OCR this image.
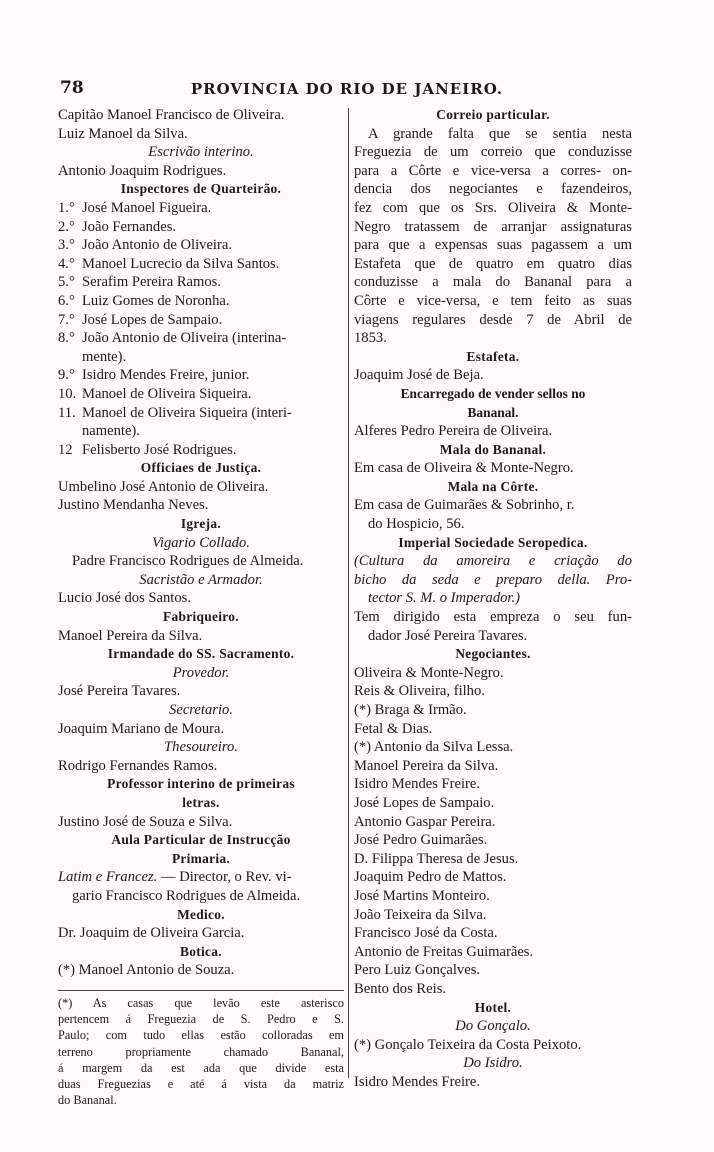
78	PROVINCIA DO RIO DE JANEIRO.
Capitão Manoel Francisco de Oliveira.
Luiz Manoel da Silva.
Escrivão interino.
Antonio Joaquim Rodrigues.
Inspectores de Quarteirão.
1.° José Manoel Figueira.
2.° João Fernandes.
3.° João Antonio de Oliveira.
4.° Manoel Lucrecio da Silva Santos.
5.° Serafim Pereira Ramos.
6.° Luiz Gomes de Noronha.
7.° José Lopes de Sampaio.
8.° João Antonio de Oliveira (interina-
mente).
9.° Isidro Mendes Freire, junior.
10. Manoel de Oliveira Siqueira.
11. Manoel de Oliveira Siqueira (interi-
namente).
12 Felisberto José Rodrigues.
Officiaes de Justiça.
Umbelino José Antonio de Oliveira.
Justino Mendanha Neves.
Igreja.
Vigario Collado.
Padre Francisco Rodrigues de Almeida.
Sacristão e Armador.
Lucio José dos Santos.
Fabriqueiro.
Manoel Pereira da Silva.
Irmandade do SS. Sacramento.
Provedor.
José Pereira Tavares.
Secretario.
Joaquim Mariano de Moura.
Thesoureiro.
Rodrigo Fernandes Ramos.
Professor interino de primeiras
letras.
Justino José de Souza e Silva.
Aula Particular de Instrucção
Primaria.
Latim e Francez. — Director, o Rev. vi-
gario Francisco Rodrigues de Almeida.
Medico.
Dr. Joaquim de Oliveira Garcia.
Botica.
(*) Manoel Antonio de Souza.
(*) As casas que levão este asterisco
pertencem á Freguezia de S. Pedro e S.
Paulo; com tudo ellas estão colloradas em
terreno propriamente chamado Bananal,
á margem da est ada que divide esta
duas Freguezias e até á vista da matriz
do Bananal.
Correio particular.
A grande falta que se sentia nesta
Freguezia de um correio que conduzisse
para a Côrte e vice-versa a corres- on-
dencia dos negociantes e fazendeiros,
fez com que os Srs. Oliveira & Monte-
Negro tratassem de arranjar assignaturas
para que a expensas suas pagassem a um
Estafeta que de quatro em quatro dias
conduzisse a mala do Bananal para a
Côrte e vice-versa, e tem feito as suas
viagens regulares desde 7 de Abril de
1853.
Estafeta.
Joaquim José de Beja.
Encarregado de vender sellos no
Bananal.
Alferes Pedro Pereira de Oliveira.
Mala do Bananal.
Em casa de Oliveira & Monte-Negro.
Mala na Côrte.
Em casa de Guimarães & Sobrinho, r.
do Hospicio, 56.
Imperial Sociedade Seropedica.
(Cultura da amoreira e criação do
bicho da seda e preparo della. Pro-
tector S. M. o Imperador.)
Tem dirigido esta empreza o seu fun-
dador José Pereira Tavares.
Negociantes.
Oliveira & Monte-Negro.
Reis & Oliveira, filho.
(*) Braga & Irmão.
Fetal & Dias.
(*) Antonio da Silva Lessa.
Manoel Pereira da Silva.
Isidro Mendes Freire.
José Lopes de Sampaio.
Antonio Gaspar Pereira.
José Pedro Guimarães.
D. Filippa Theresa de Jesus.
Joaquim Pedro de Mattos.
José Martins Monteiro.
João Teixeira da Silva.
Francisco José da Costa.
Antonio de Freitas Guimarães.
Pero Luiz Gonçalves.
Bento dos Reis.
Hotel.
Do Gonçalo.
(*) Gonçalo Teixeira da Costa Peixoto.
Do Isidro.
Isidro Mendes Freire.
